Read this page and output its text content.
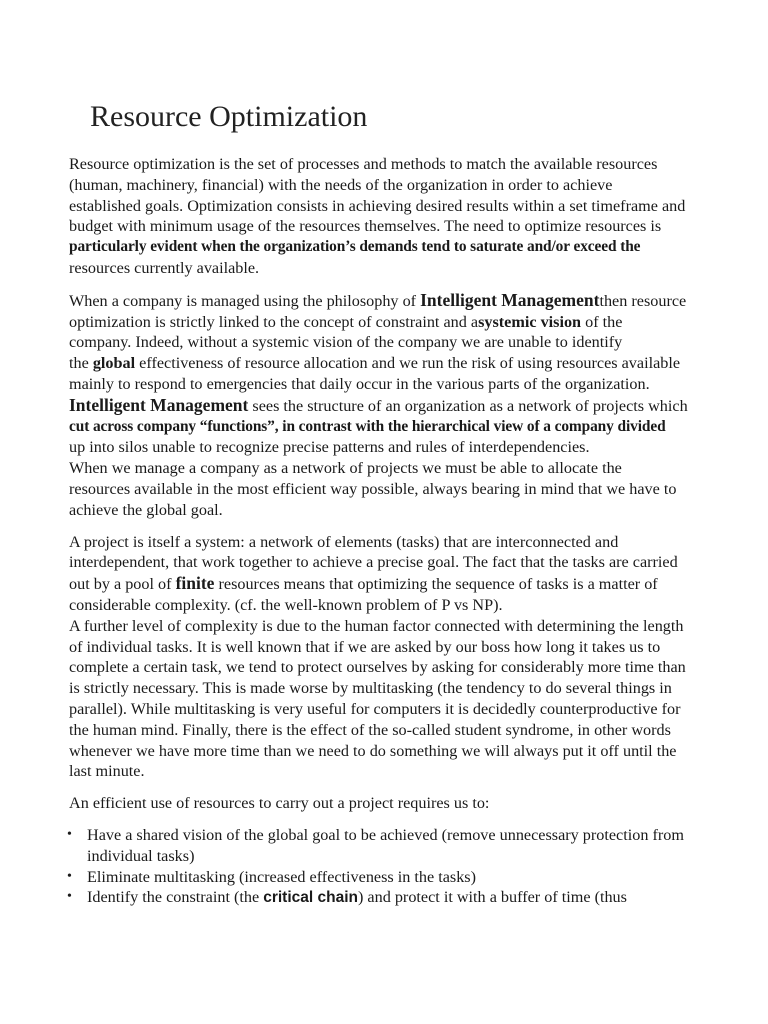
Resource Optimization

Resource optimization is the set of processes and methods to match the available resources
(human, machinery, financial) with the needs of the organization in order to achieve
established goals. Optimization consists in achieving desired results within a set timeframe and
budget with minimum usage of the resources themselves. The need to optimize resources is
particularly evident when the organization’s demands tend to saturate and/or exceed the
resources currently available.

When a company is managed using the philosophy of Intelligent Managementthen resource
optimization is strictly linked to the concept of constraint and asystemic vision of the
company. Indeed, without a systemic vision of the company we are unable to identify
the global effectiveness of resource allocation and we run the risk of using resources available
mainly to respond to emergencies that daily occur in the various parts of the organization.
Intelligent Management sees the structure of an organization as a network of projects which
cut across company “functions”, in contrast with the hierarchical view of a company divided
up into silos unable to recognize precise patterns and rules of interdependencies.
When we manage a company as a network of projects we must be able to allocate the
resources available in the most efficient way possible, always bearing in mind that we have to
achieve the global goal.

A project is itself a system: a network of elements (tasks) that are interconnected and
interdependent, that work together to achieve a precise goal. The fact that the tasks are carried
out by a pool of finite resources means that optimizing the sequence of tasks is a matter of
considerable complexity. (cf. the well-known problem of P vs NP).
A further level of complexity is due to the human factor connected with determining the length
of individual tasks. It is well known that if we are asked by our boss how long it takes us to
complete a certain task, we tend to protect ourselves by asking for considerably more time than
is strictly necessary. This is made worse by multitasking (the tendency to do several things in
parallel). While multitasking is very useful for computers it is decidedly counterproductive for
the human mind. Finally, there is the effect of the so-called student syndrome, in other words
whenever we have more time than we need to do something we will always put it off until the
last minute.

An efficient use of resources to carry out a project requires us to:

• Have a shared vision of the global goal to be achieved (remove unnecessary protection from
individual tasks)
• Eliminate multitasking (increased effectiveness in the tasks)
• Identify the constraint (the critical chain) and protect it with a buffer of time (thus
